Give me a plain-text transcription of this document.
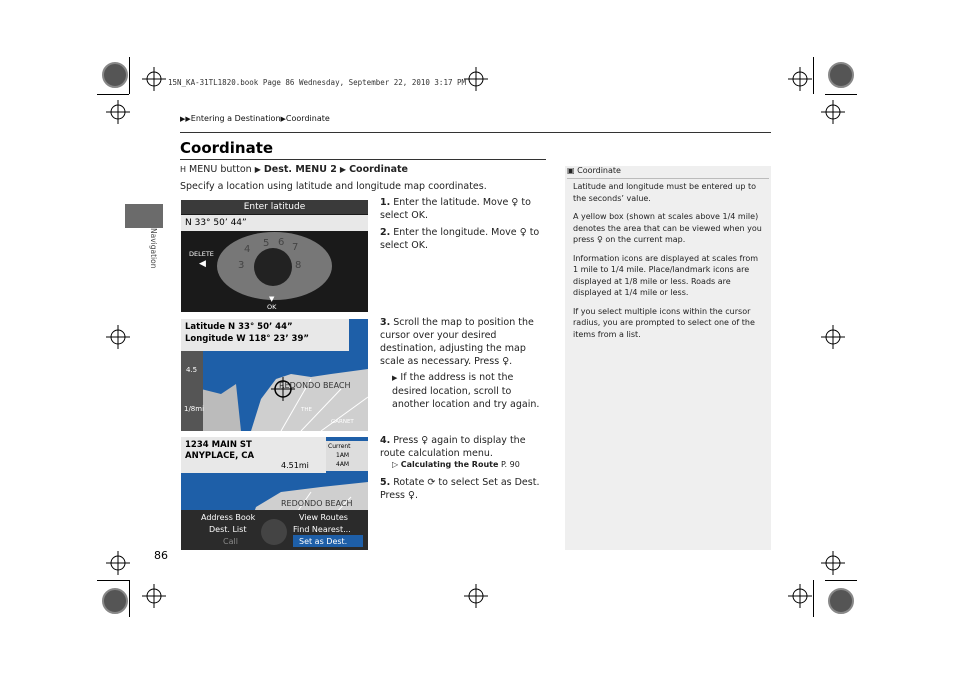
15N_KA-31TL1820.book Page 86 Wednesday, September 22, 2010 3:17 PM
▶▶Entering a Destination▶Coordinate
Coordinate
H MENU button ▶ Dest. MENU 2 ▶ Coordinate
Specify a location using latitude and longitude map coordinates.
Navigation
86
Enter latitude
N 33° 50’ 44”
4
5 6 7
3	8
DELETE
◀
▼
OK
Latitude N 33° 50’ 44”
Longitude W 118° 23’ 39”
4.5
1/8mi
REDONDO BEACH
THE
GARNET
1234 MAIN ST
ANYPLACE, CA
4.51mi
Current
1AM
4AM
REDONDO BEACH
Address Book	View Routes
Dest. List	Find Nearest...
Call	Set as Dest.
1. Enter the latitude. Move ♀ to select OK.
2. Enter the longitude. Move ♀ to select OK.
3. Scroll the map to position the cursor over your desired destination, adjusting the map scale as necessary. Press ♀.
▶ If the address is not the desired location, scroll to another location and try again.
4. Press ♀ again to display the route calculation menu.
▷ Calculating the Route P. 90
5. Rotate ⟳ to select Set as Dest.
Press ♀.
▣ Coordinate

Latitude and longitude must be entered up to the seconds’ value.

A yellow box (shown at scales above 1/4 mile) denotes the area that can be viewed when you press ♀ on the current map.

Information icons are displayed at scales from 1 mile to 1/4 mile. Place/landmark icons are displayed at 1/8 mile or less. Roads are displayed at 1/4 mile or less.

If you select multiple icons within the cursor radius, you are prompted to select one of the items from a list.
